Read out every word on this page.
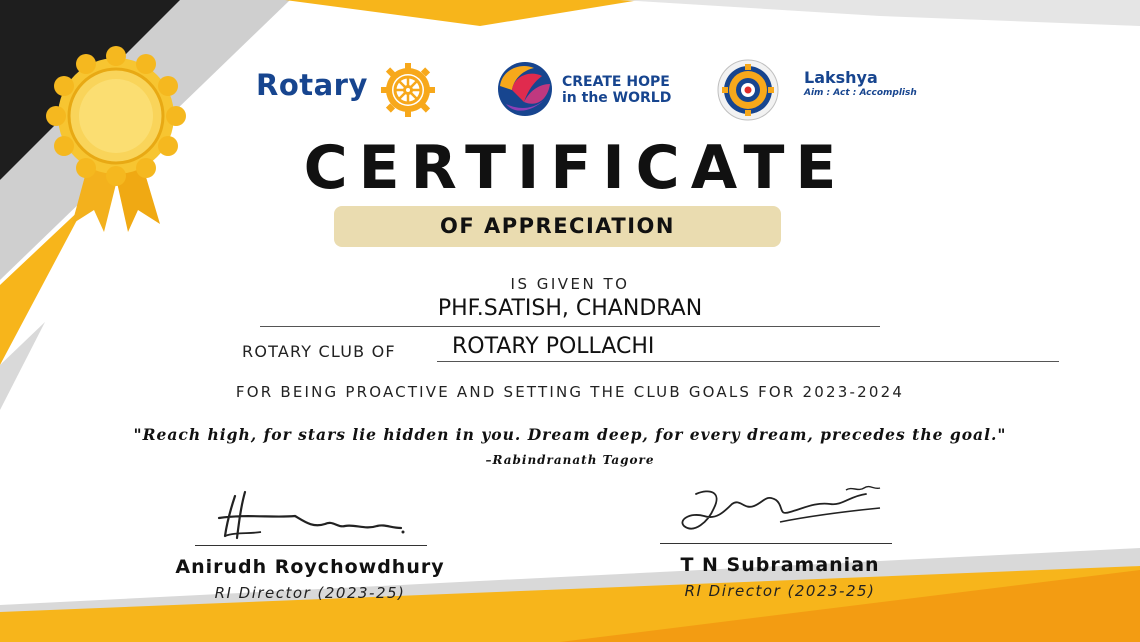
Rotary	CREATE HOPE
in the WORLD
Lakshya
Aim : Act : Accomplish
CERTIFICATE
OF APPRECIATION
IS GIVEN TO
PHF.SATISH, CHANDRAN
ROTARY CLUB OF	ROTARY POLLACHI
FOR BEING PROACTIVE AND SETTING THE CLUB GOALS FOR 2023-2024
"Reach high, for stars lie hidden in you. Dream deep, for every dream, precedes the goal."
–Rabindranath Tagore
Anirudh Roychowdhury
RI Director (2023-25)
T N Subramanian
RI Director (2023-25)
